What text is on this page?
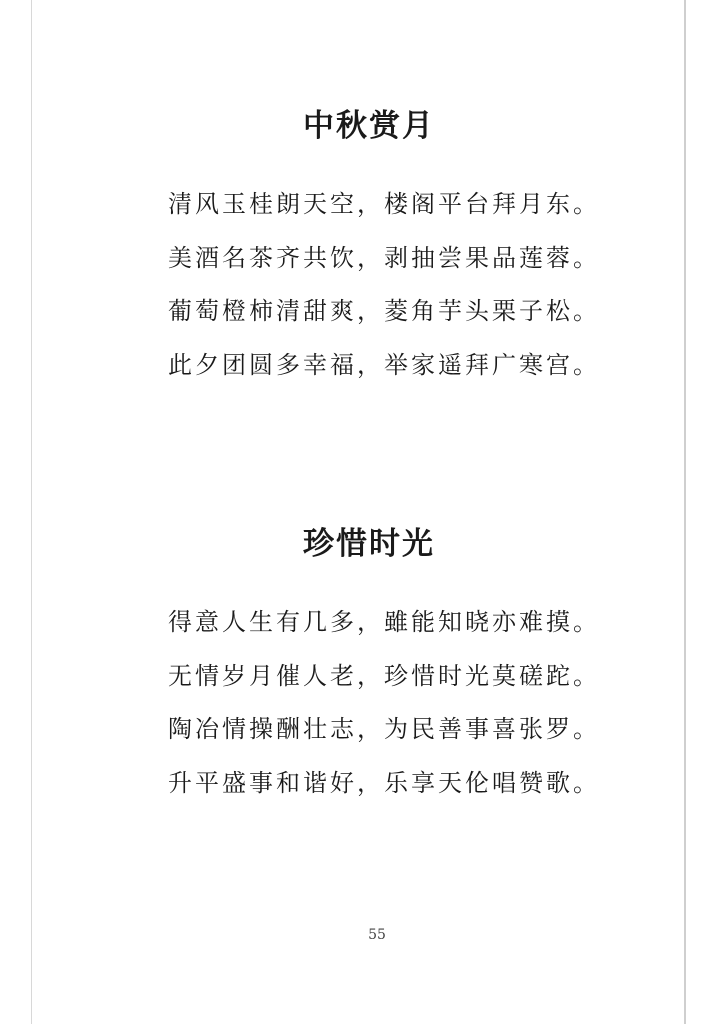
中秋赏月
清风玉桂朗天空，楼阁平台拜月东。
美酒名茶齐共饮，剥抽尝果品莲蓉。
葡萄橙柿清甜爽，菱角芋头栗子松。
此夕团圆多幸福，举家遥拜广寒宫。
珍惜时光
得意人生有几多，雖能知晓亦难摸。
无情岁月催人老，珍惜时光莫磋跎。
陶冶情操酬壮志，为民善事喜张罗。
升平盛事和谐好，乐享天伦唱赞歌。
55
